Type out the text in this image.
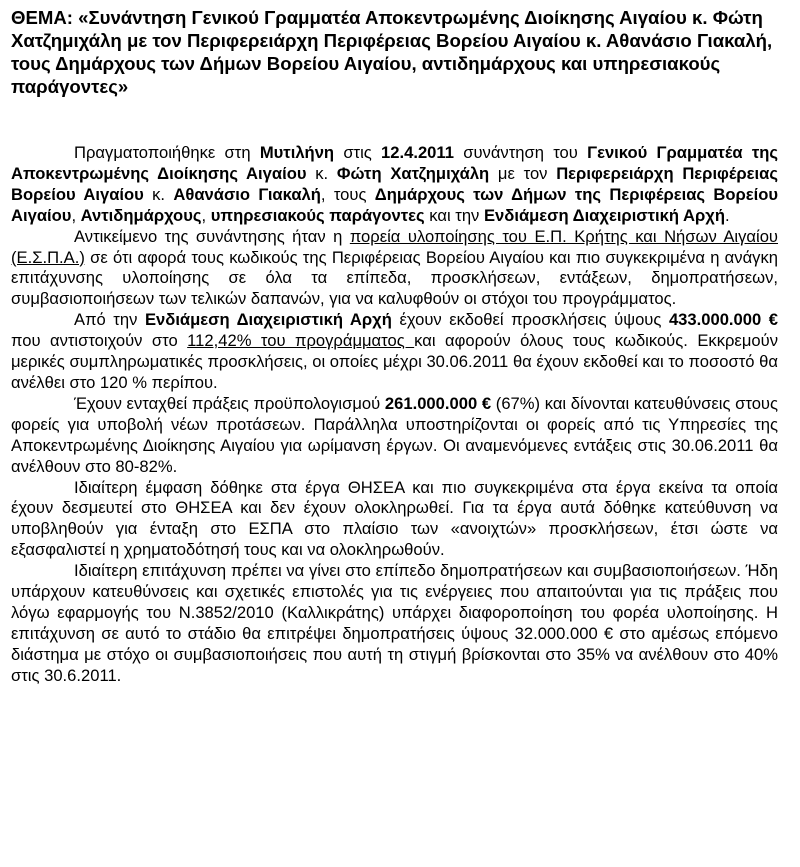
ΘΕΜΑ: «Συνάντηση Γενικού Γραμματέα Αποκεντρωμένης Διοίκησης Αιγαίου κ. Φώτη Χατζημιχάλη με τον Περιφερειάρχη Περιφέρειας Βορείου Αιγαίου κ. Αθανάσιο Γιακαλή, τους Δημάρχους των Δήμων Βορείου Αιγαίου, αντιδημάρχους και υπηρεσιακούς παράγοντες»

Πραγματοποιήθηκε στη Μυτιλήνη στις 12.4.2011 συνάντηση του Γενικού Γραμματέα της Αποκεντρωμένης Διοίκησης Αιγαίου κ. Φώτη Χατζημιχάλη με τον Περιφερειάρχη Περιφέρειας Βορείου Αιγαίου κ. Αθανάσιο Γιακαλή, τους Δημάρχους των Δήμων της Περιφέρειας Βορείου Αιγαίου, Αντιδημάρχους, υπηρεσιακούς παράγοντες και την Ενδιάμεση Διαχειριστική Αρχή.

Αντικείμενο της συνάντησης ήταν η πορεία υλοποίησης του Ε.Π. Κρήτης και Νήσων Αιγαίου (Ε.Σ.Π.Α.) σε ότι αφορά τους κωδικούς της Περιφέρειας Βορείου Αιγαίου και πιο συγκεκριμένα η ανάγκη επιτάχυνσης υλοποίησης σε όλα τα επίπεδα, προσκλήσεων, εντάξεων, δημοπρατήσεων, συμβασιοποιήσεων των τελικών δαπανών, για να καλυφθούν οι στόχοι του προγράμματος.

Από την Ενδιάμεση Διαχειριστική Αρχή έχουν εκδοθεί προσκλήσεις ύψους 433.000.000 € που αντιστοιχούν στο 112,42% του προγράμματος και αφορούν όλους τους κωδικούς. Εκκρεμούν μερικές συμπληρωματικές προσκλήσεις, οι οποίες μέχρι 30.06.2011 θα έχουν εκδοθεί και το ποσοστό θα ανέλθει στο 120 % περίπου.

Έχουν ενταχθεί πράξεις προϋπολογισμού 261.000.000 € (67%) και δίνονται κατευθύνσεις στους φορείς για υποβολή νέων προτάσεων. Παράλληλα υποστηρίζονται οι φορείς από τις Υπηρεσίες της Αποκεντρωμένης Διοίκησης Αιγαίου για ωρίμανση έργων. Οι αναμενόμενες εντάξεις στις 30.06.2011 θα ανέλθουν στο 80-82%.

Ιδιαίτερη έμφαση δόθηκε στα έργα ΘΗΣΕΑ και πιο συγκεκριμένα στα έργα εκείνα τα οποία έχουν δεσμευτεί στο ΘΗΣΕΑ και δεν έχουν ολοκληρωθεί. Για τα έργα αυτά δόθηκε κατεύθυνση να υποβληθούν για ένταξη στο ΕΣΠΑ στο πλαίσιο των «ανοιχτών» προσκλήσεων, έτσι ώστε να εξασφαλιστεί η χρηματοδότησή τους και να ολοκληρωθούν.

Ιδιαίτερη επιτάχυνση πρέπει να γίνει στο επίπεδο δημοπρατήσεων και συμβασιοποιήσεων. Ήδη υπάρχουν κατευθύνσεις και σχετικές επιστολές για τις ενέργειες που απαιτούνται για τις πράξεις που λόγω εφαρμογής του Ν.3852/2010 (Καλλικράτης) υπάρχει διαφοροποίηση του φορέα υλοποίησης. Η επιτάχυνση σε αυτό το στάδιο θα επιτρέψει δημοπρατήσεις ύψους 32.000.000 € στο αμέσως επόμενο διάστημα με στόχο οι συμβασιοποιήσεις που αυτή τη στιγμή βρίσκονται στο 35% να ανέλθουν στο 40% στις 30.6.2011.
